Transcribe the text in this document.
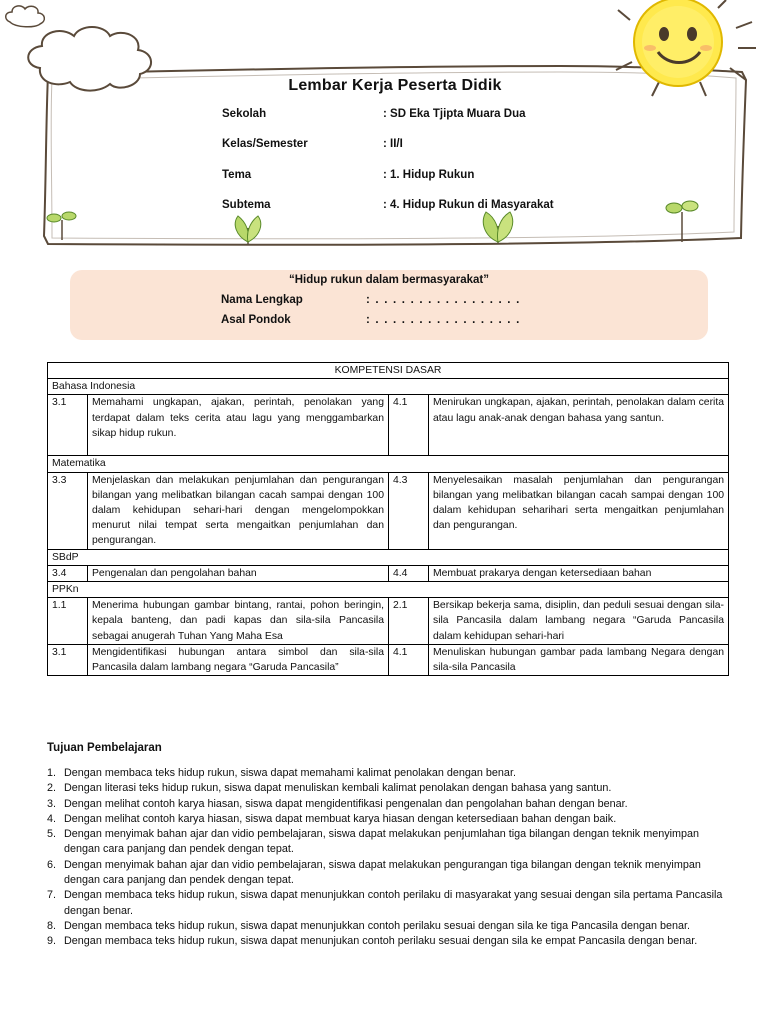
Lembar Kerja Peserta Didik
Sekolah	: SD Eka Tjipta Muara Dua
Kelas/Semester	: II/I
Tema	: 1. Hidup Rukun
Subtema	: 4. Hidup Rukun di Masyarakat
“Hidup rukun dalam bermasyarakat”
Nama Lengkap	: . . . . . . . . . . . . . . . . .
Asal Pondok	: . . . . . . . . . . . . . . . . .
KOMPETENSI DASAR			
Bahasa Indonesia			
3.1	Memahami ungkapan, ajakan, perintah, penolakan yang terdapat dalam teks cerita atau lagu yang menggambarkan sikap hidup rukun.	4.1	Menirukan ungkapan, ajakan, perintah, penolakan dalam cerita atau lagu anak-anak dengan bahasa yang santun.
Matematika			
3.3	Menjelaskan dan melakukan penjumlahan dan pengurangan bilangan yang melibatkan bilangan cacah sampai dengan 100 dalam kehidupan sehari-hari dengan mengelompokkan menurut nilai tempat serta mengaitkan penjumlahan dan pengurangan.	4.3	Menyelesaikan masalah penjumlahan dan pengurangan bilangan yang melibatkan bilangan cacah sampai dengan 100 dalam kehidupan seharihari serta mengaitkan penjumlahan dan pengurangan.
SBdP			
3.4	Pengenalan dan pengolahan bahan	4.4	Membuat prakarya dengan ketersediaan bahan
PPKn			
1.1	Menerima hubungan gambar bintang, rantai, pohon beringin, kepala banteng, dan padi kapas dan sila-sila Pancasila sebagai anugerah Tuhan Yang Maha Esa	2.1	Bersikap bekerja sama, disiplin, dan peduli sesuai dengan sila-sila Pancasila dalam lambang negara “Garuda Pancasila dalam kehidupan sehari-hari
3.1	Mengidentifikasi hubungan antara simbol dan sila-sila Pancasila dalam lambang negara “Garuda Pancasila”	4.1	Menuliskan hubungan gambar pada lambang Negara dengan sila-sila Pancasila
Tujuan Pembelajaran
1. Dengan membaca teks hidup rukun, siswa dapat memahami kalimat penolakan dengan benar.
2. Dengan literasi teks hidup rukun, siswa dapat menuliskan kembali kalimat penolakan dengan bahasa yang santun.
3. Dengan melihat contoh karya hiasan, siswa dapat mengidentifikasi pengenalan dan pengolahan bahan dengan benar.
4. Dengan melihat contoh karya hiasan, siswa dapat membuat karya hiasan dengan ketersediaan bahan dengan baik.
5. Dengan menyimak bahan ajar dan vidio pembelajaran, siswa dapat melakukan penjumlahan tiga bilangan dengan teknik menyimpan dengan cara panjang dan pendek dengan tepat.
6. Dengan menyimak bahan ajar dan vidio pembelajaran, siswa dapat melakukan pengurangan tiga bilangan dengan teknik menyimpan dengan cara panjang dan pendek dengan tepat.
7. Dengan membaca teks hidup rukun, siswa dapat menunjukkan contoh perilaku di masyarakat yang sesuai dengan sila pertama Pancasila dengan benar.
8. Dengan membaca teks hidup rukun, siswa dapat menunjukkan contoh perilaku sesuai dengan sila ke tiga Pancasila dengan benar.
9. Dengan membaca teks hidup rukun, siswa dapat menunjukan contoh perilaku sesuai dengan sila ke empat Pancasila dengan benar.
